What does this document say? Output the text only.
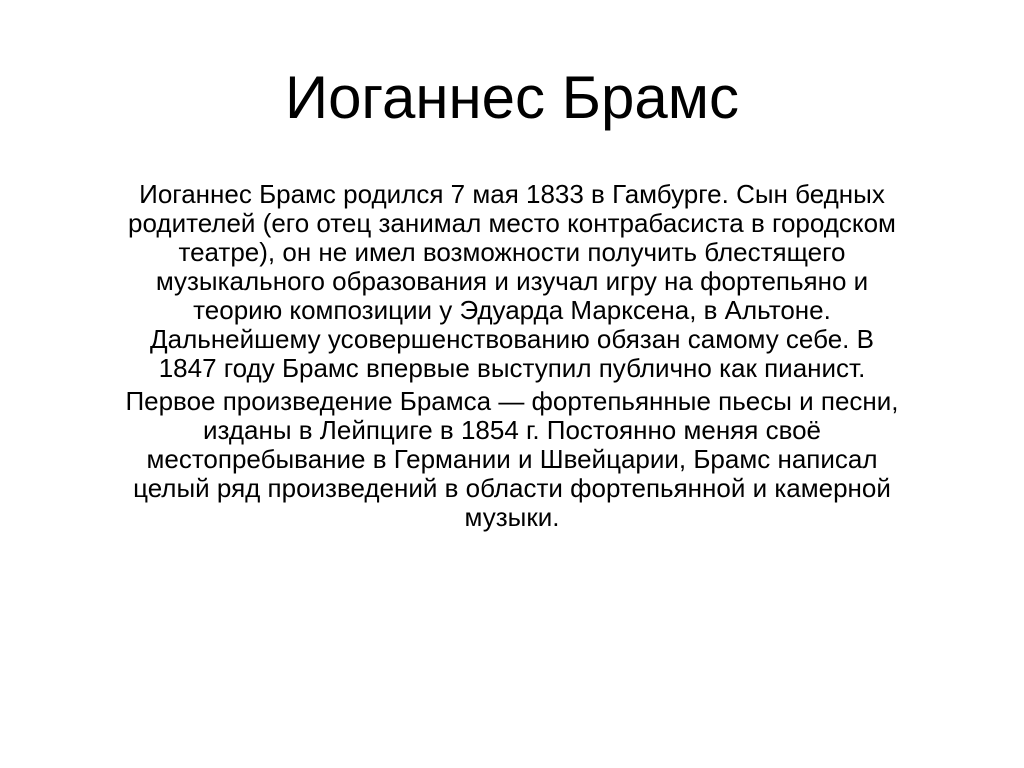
Иоганнес Брамс

Иоганнес Брамс родился 7 мая 1833 в Гамбурге. Сын бедных
родителей (его отец занимал место контрабасиста в городском
театре), он не имел возможности получить блестящего
музыкального образования и изучал игру на фортепьяно и
теорию композиции у Эдуарда Марксена, в Альтоне.
Дальнейшему усовершенствованию обязан самому себе. В
1847 году Брамс впервые выступил публично как пианист.

Первое произведение Брамса — фортепьянные пьесы и песни,
изданы в Лейпциге в 1854 г. Постоянно меняя своё
местопребывание в Германии и Швейцарии, Брамс написал
целый ряд произведений в области фортепьянной и камерной
музыки.
